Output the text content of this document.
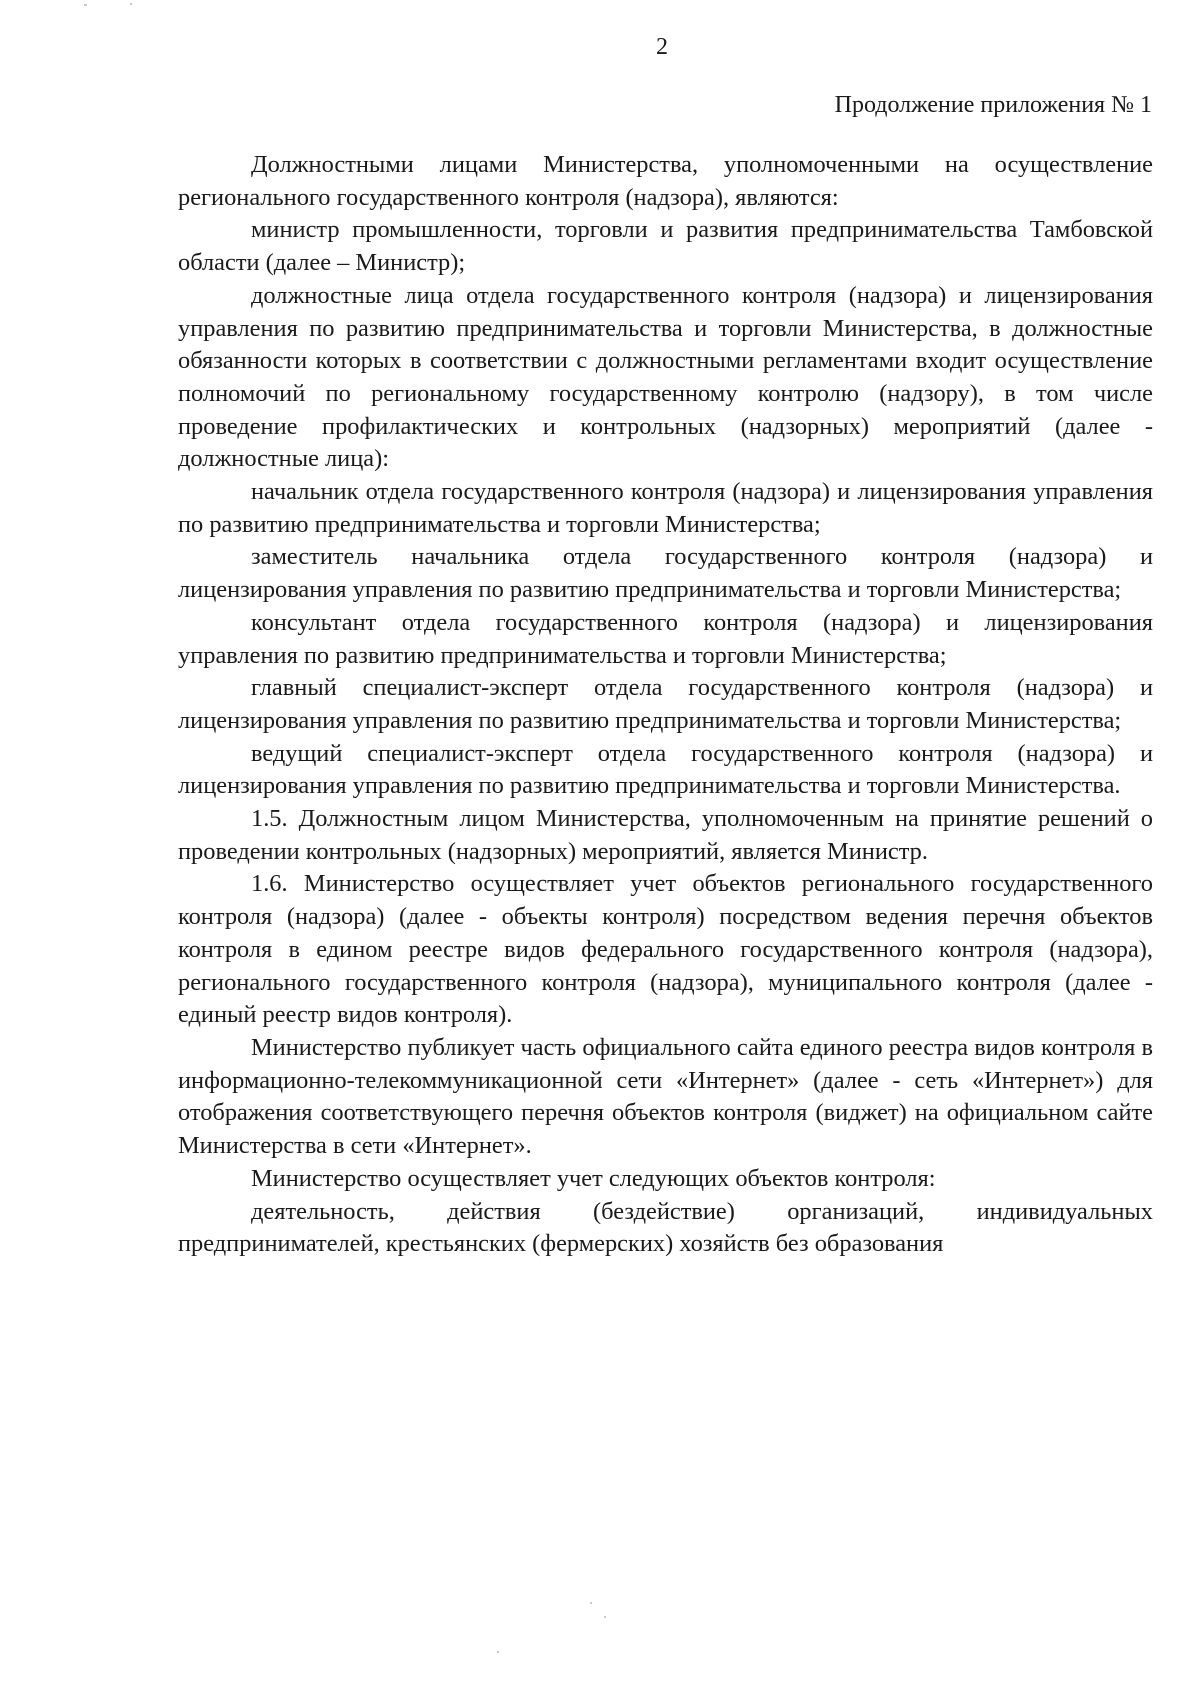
2
Продолжение приложения № 1

Должностными лицами Министерства, уполномоченными на осуществление регионального государственного контроля (надзора), являются:

министр промышленности, торговли и развития предпринимательства Тамбовской области (далее – Министр);

должностные лица отдела государственного контроля (надзора) и лицензирования управления по развитию предпринимательства и торговли Министерства, в должностные обязанности которых в соответствии с должностными регламентами входит осуществление полномочий по региональному государственному контролю (надзору), в том числе проведение профилактических и контрольных (надзорных) мероприятий (далее - должностные лица):

начальник отдела государственного контроля (надзора) и лицензирования управления по развитию предпринимательства и торговли Министерства;

заместитель начальника отдела государственного контроля (надзора) и лицензирования управления по развитию предпринимательства и торговли Министерства;

консультант отдела государственного контроля (надзора) и лицензирования управления по развитию предпринимательства и торговли Министерства;

главный специалист-эксперт отдела государственного контроля (надзора) и лицензирования управления по развитию предпринимательства и торговли Министерства;

ведущий специалист-эксперт отдела государственного контроля (надзора) и лицензирования управления по развитию предпринимательства и торговли Министерства.

1.5. Должностным лицом Министерства, уполномоченным на принятие решений о проведении контрольных (надзорных) мероприятий, является Министр.

1.6. Министерство осуществляет учет объектов регионального государственного контроля (надзора) (далее - объекты контроля) посредством ведения перечня объектов контроля в едином реестре видов федерального государственного контроля (надзора), регионального государственного контроля (надзора), муниципального контроля (далее - единый реестр видов контроля).

Министерство публикует часть официального сайта единого реестра видов контроля в информационно-телекоммуникационной сети «Интернет» (далее - сеть «Интернет») для отображения соответствующего перечня объектов контроля (виджет) на официальном сайте Министерства в сети «Интернет».

Министерство осуществляет учет следующих объектов контроля:

деятельность, действия (бездействие) организаций, индивидуальных предпринимателей, крестьянских (фермерских) хозяйств без образования
